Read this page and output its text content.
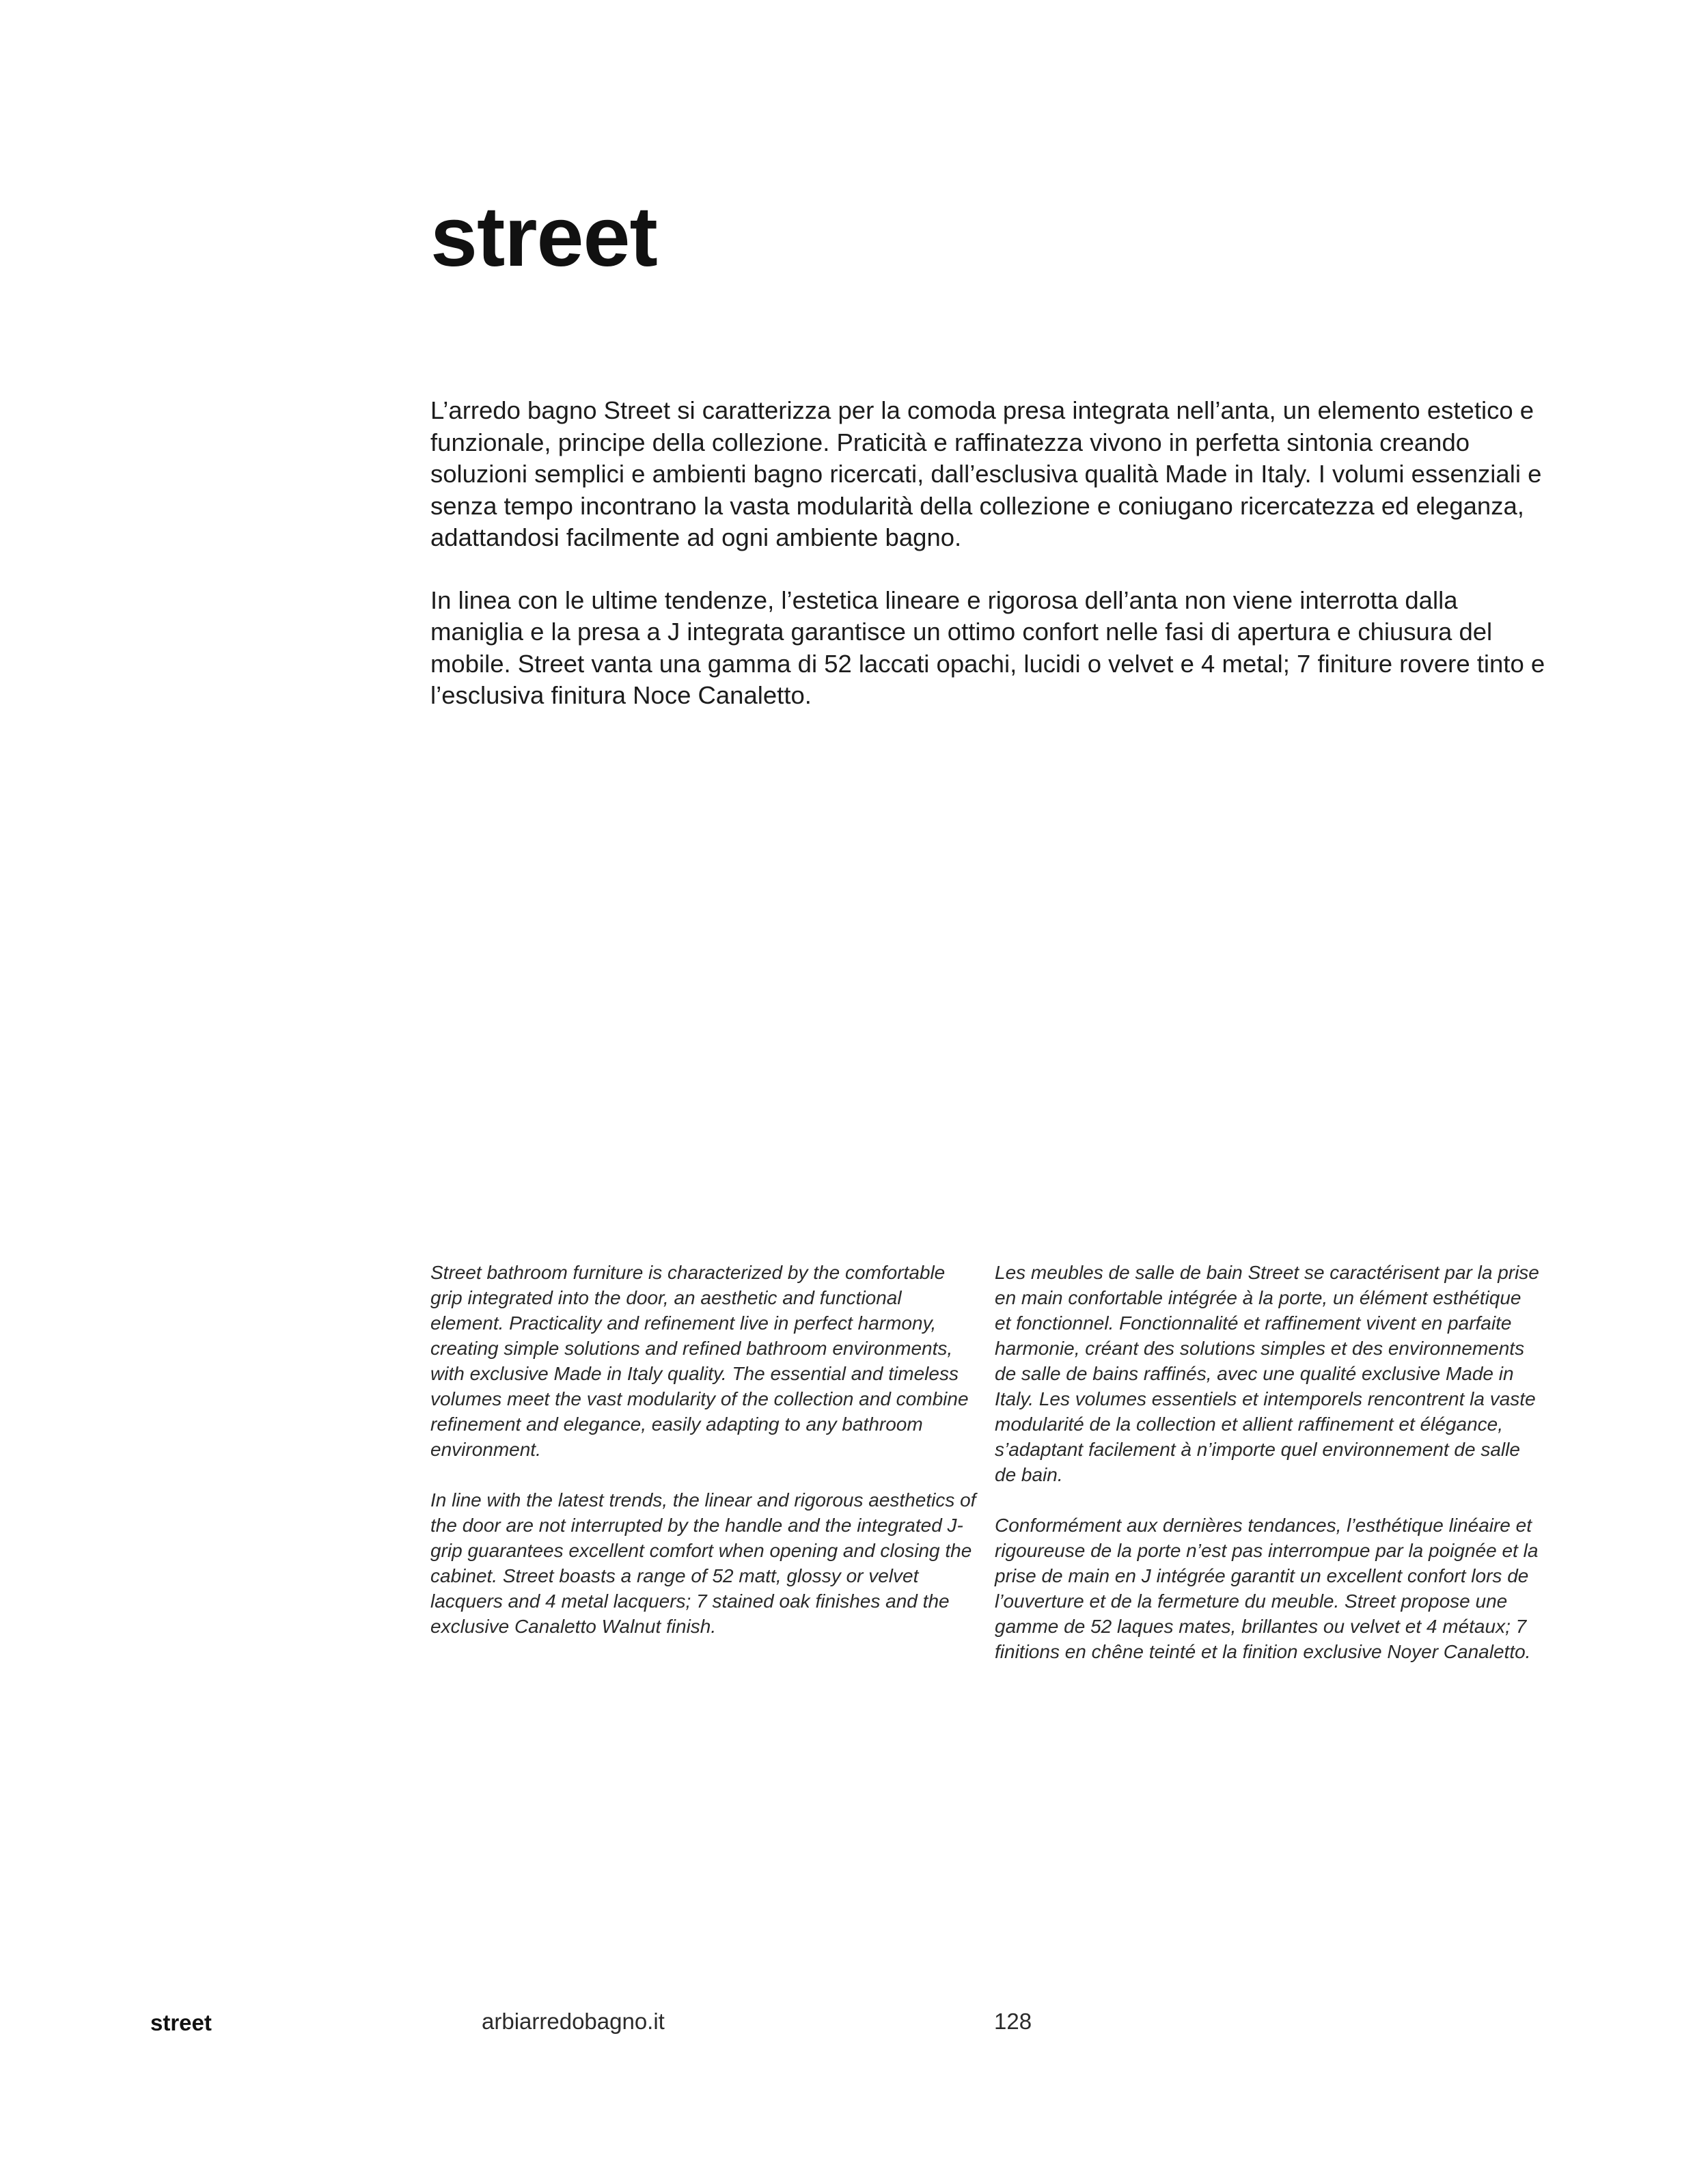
street

L’arredo bagno Street si caratterizza per la comoda presa integrata nell’anta, un elemento estetico e funzionale, principe della collezione. Praticità e raffinatezza vivono in perfetta sintonia creando soluzioni semplici e ambienti bagno ricercati, dall’esclusiva qualità Made in Italy. I volumi essenziali e senza tempo incontrano la vasta modularità della collezione e coniugano ricercatezza ed eleganza, adattandosi facilmente ad ogni ambiente bagno.

In linea con le ultime tendenze, l’estetica lineare e rigorosa dell’anta non viene interrotta dalla maniglia e la presa a J integrata garantisce un ottimo confort nelle fasi di apertura e chiusura del mobile. Street vanta una gamma di 52 laccati opachi, lucidi o velvet e 4 metal; 7 finiture rovere tinto e l’esclusiva finitura Noce Canaletto.

Street bathroom furniture is characterized by the comfortable grip integrated into the door, an aesthetic and functional element. Practicality and refinement live in perfect harmony, creating simple solutions and refined bathroom environments, with exclusive Made in Italy quality. The essential and timeless volumes meet the vast modularity of the collection and combine refinement and elegance, easily adapting to any bathroom environment.

In line with the latest trends, the linear and rigorous aesthetics of the door are not interrupted by the handle and the integrated J-grip guarantees excellent comfort when opening and closing the cabinet. Street boasts a range of 52 matt, glossy or velvet lacquers and 4 metal lacquers; 7 stained oak finishes and the exclusive Canaletto Walnut finish.

Les meubles de salle de bain Street se caractérisent par la prise en main confortable intégrée à la porte, un élément esthétique et fonctionnel. Fonctionnalité et raffinement vivent en parfaite harmonie, créant des solutions simples et des environnements de salle de bains raffinés, avec une qualité exclusive Made in Italy. Les volumes essentiels et intemporels rencontrent la vaste modularité de la collection et allient raffinement et élégance, s’adaptant facilement à n’importe quel environnement de salle de bain.

Conformément aux dernières tendances, l’esthétique linéaire et rigoureuse de la porte n’est pas interrompue par la poignée et la prise de main en J intégrée garantit un excellent confort lors de l’ouverture et de la fermeture du meuble. Street propose une gamme de 52 laques mates, brillantes ou velvet et 4 métaux; 7 finitions en chêne teinté et la finition exclusive Noyer Canaletto.

street	arbiarredobagno.it	128
